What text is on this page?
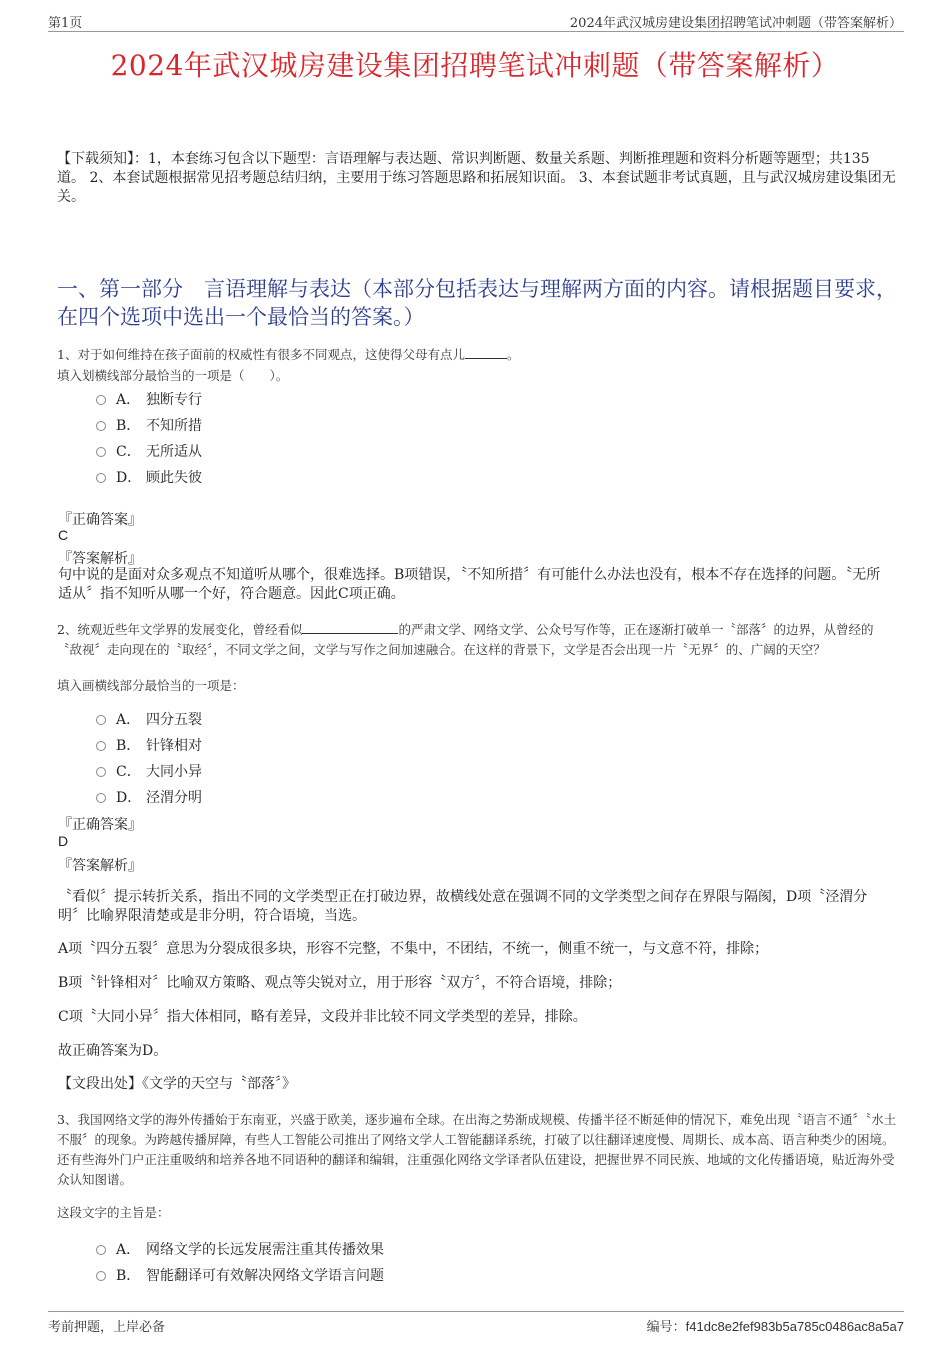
第1页	2024年武汉城房建设集团招聘笔试冲刺题（带答案解析）
2024年武汉城房建设集团招聘笔试冲刺题（带答案解析）
【下载须知】：1，本套练习包含以下题型：言语理解与表达题、常识判断题、数量关系题、判断推理题和资料分析题等题型；共135道。 2、本套试题根据常见招考题总结归纳，主要用于练习答题思路和拓展知识面。 3、本套试题非考试真题，且与武汉城房建设集团无关。
一、第一部分　言语理解与表达（本部分包括表达与理解两方面的内容。请根据题目要求，在四个选项中选出一个最恰当的答案。）
1、对于如何维持在孩子面前的权威性有很多不同观点，这使得父母有点儿	。
填入划横线部分最恰当的一项是（　　）。
A． 独断专行
B． 不知所措
C． 无所适从
D． 顾此失彼
『正确答案』
C
『答案解析』
句中说的是面对众多观点不知道听从哪个，很难选择。B项错误，〝不知所措〞有可能什么办法也没有，根本不存在选择的问题。〝无所适从〞指不知听从哪一个好，符合题意。因此C项正确。
2、统观近些年文学界的发展变化，曾经看似	的严肃文学、网络文学、公众号写作等，正在逐渐打破单一〝部落〞的边界，从曾经的〝敌视〞走向现在的〝取经〞，不同文学之间，文学与写作之间加速融合。在这样的背景下，文学是否会出现一片〝无界〞的、广阔的天空？
填入画横线部分最恰当的一项是：
A． 四分五裂
B． 针锋相对
C． 大同小异
D． 泾渭分明
『正确答案』
D
『答案解析』
〝看似〞提示转折关系，指出不同的文学类型正在打破边界，故横线处意在强调不同的文学类型之间存在界限与隔阂，D项〝泾渭分明〞比喻界限清楚或是非分明，符合语境，当选。
A项〝四分五裂〞意思为分裂成很多块，形容不完整，不集中，不团结，不统一，侧重不统一，与文意不符，排除；
B项〝针锋相对〞比喻双方策略、观点等尖锐对立，用于形容〝双方〞，不符合语境，排除；
C项〝大同小异〞指大体相同，略有差异，文段并非比较不同文学类型的差异，排除。
故正确答案为D。
【文段出处】《文学的天空与〝部落〞》
3、我国网络文学的海外传播始于东南亚，兴盛于欧美，逐步遍布全球。在出海之势渐成规模、传播半径不断延伸的情况下，难免出现〝语言不通〞〝水土不服〞的现象。为跨越传播屏障，有些人工智能公司推出了网络文学人工智能翻译系统，打破了以往翻译速度慢、周期长、成本高、语言种类少的困境。还有些海外门户正注重吸纳和培养各地不同语种的翻译和编辑，注重强化网络文学译者队伍建设，把握世界不同民族、地域的文化传播语境，贴近海外受众认知图谱。
这段文字的主旨是：
A． 网络文学的长远发展需注重其传播效果
B． 智能翻译可有效解决网络文学语言问题
考前押题，上岸必备	编号：f41dc8e2fef983b5a785c0486ac8a5a7
